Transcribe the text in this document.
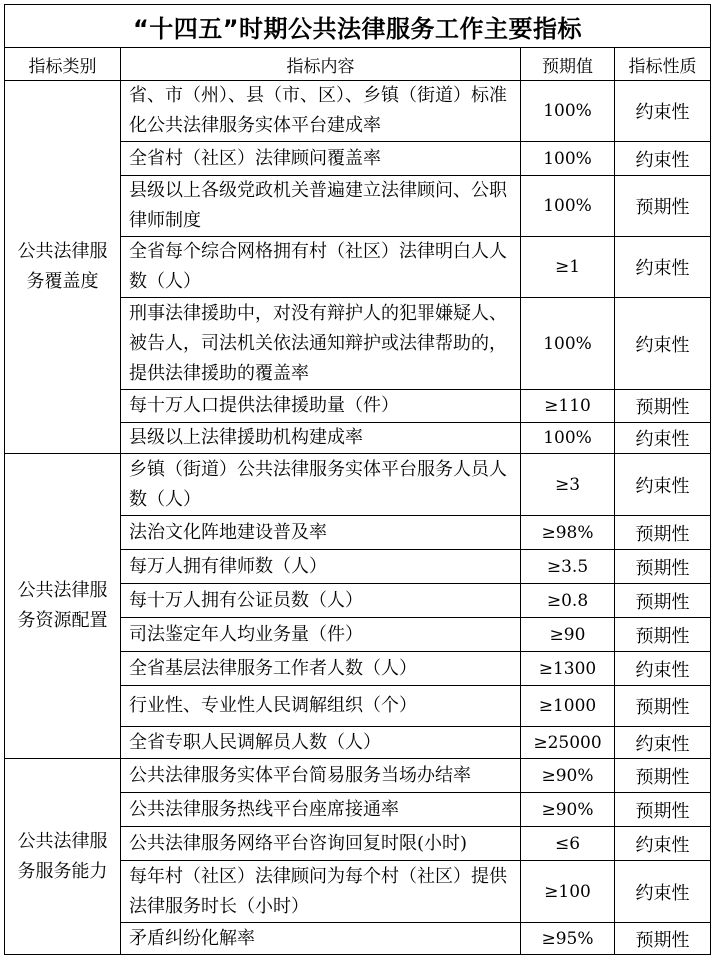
“十四五”时期公共法律服务工作主要指标			
指标类别	指标内容	预期值	指标性质
公共法律服务覆盖度	省、市（州）、县（市、区）、乡镇（街道）标准化公共法律服务实体平台建成率	100%	约束性
	全省村（社区）法律顾问覆盖率	100%	约束性
	县级以上各级党政机关普遍建立法律顾问、公职律师制度	100%	预期性
	全省每个综合网格拥有村（社区）法律明白人人数（人）	≥1	约束性
	刑事法律援助中，对没有辩护人的犯罪嫌疑人、被告人，司法机关依法通知辩护或法律帮助的，提供法律援助的覆盖率	100%	约束性
	每十万人口提供法律援助量（件）	≥110	预期性
	县级以上法律援助机构建成率	100%	约束性
公共法律服务资源配置	乡镇（街道）公共法律服务实体平台服务人员人数（人）	≥3	约束性
	法治文化阵地建设普及率	≥98%	预期性
	每万人拥有律师数（人）	≥3.5	预期性
	每十万人拥有公证员数（人）	≥0.8	预期性
	司法鉴定年人均业务量（件）	≥90	预期性
	全省基层法律服务工作者人数（人）	≥1300	约束性
	行业性、专业性人民调解组织（个）	≥1000	预期性
	全省专职人民调解员人数（人）	≥25000	约束性
公共法律服务服务能力	公共法律服务实体平台简易服务当场办结率	≥90%	预期性
	公共法律服务热线平台座席接通率	≥90%	预期性
	公共法律服务网络平台咨询回复时限(小时)	≤6	约束性
	每年村（社区）法律顾问为每个村（社区）提供法律服务时长（小时）	≥100	约束性
	矛盾纠纷化解率	≥95%	预期性
